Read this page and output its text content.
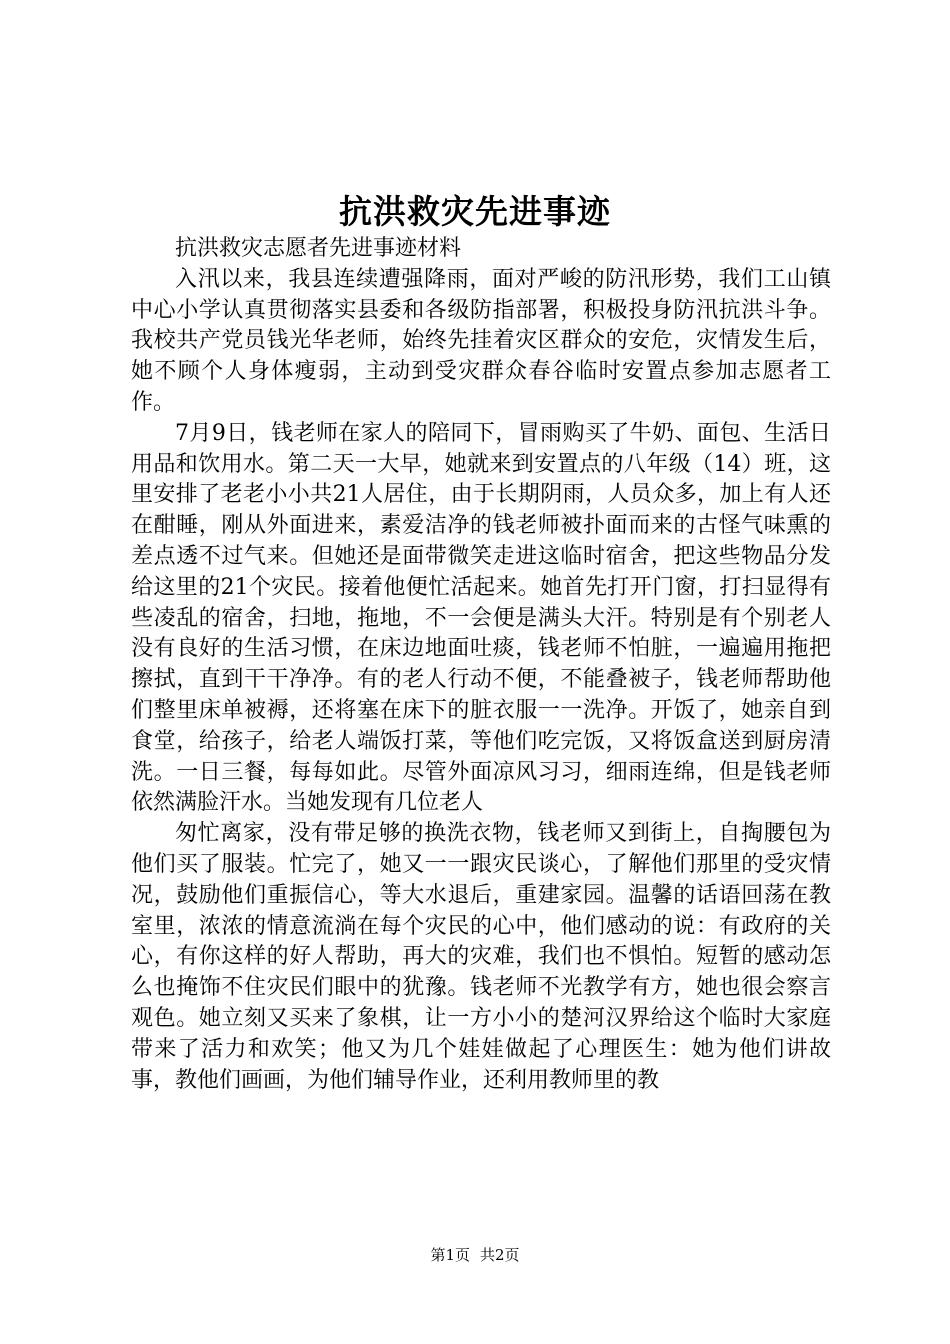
抗洪救灾先进事迹

抗洪救灾志愿者先进事迹材料

入汛以来，我县连续遭强降雨，面对严峻的防汛形势，我们工山镇中心小学认真贯彻落实县委和各级防指部署，积极投身防汛抗洪斗争。我校共产党员钱光华老师，始终先挂着灾区群众的安危，灾情发生后，她不顾个人身体瘦弱，主动到受灾群众春谷临时安置点参加志愿者工作。

7月9日，钱老师在家人的陪同下，冒雨购买了牛奶、面包、生活日用品和饮用水。第二天一大早，她就来到安置点的八年级（14）班，这里安排了老老小小共21人居住，由于长期阴雨，人员众多，加上有人还在酣睡，刚从外面进来，素爱洁净的钱老师被扑面而来的古怪气味熏的差点透不过气来。但她还是面带微笑走进这临时宿舍，把这些物品分发给这里的21个灾民。接着他便忙活起来。她首先打开门窗，打扫显得有些凌乱的宿舍，扫地，拖地，不一会便是满头大汗。特别是有个别老人没有良好的生活习惯，在床边地面吐痰，钱老师不怕脏，一遍遍用拖把擦拭，直到干干净净。有的老人行动不便，不能叠被子，钱老师帮助他们整里床单被褥，还将塞在床下的脏衣服一一洗净。开饭了，她亲自到食堂，给孩子，给老人端饭打菜，等他们吃完饭，又将饭盒送到厨房清洗。一日三餐，每每如此。尽管外面凉风习习，细雨连绵，但是钱老师依然满脸汗水。当她发现有几位老人

匆忙离家，没有带足够的换洗衣物，钱老师又到街上，自掏腰包为他们买了服装。忙完了，她又一一跟灾民谈心，了解他们那里的受灾情况，鼓励他们重振信心，等大水退后，重建家园。温馨的话语回荡在教室里，浓浓的情意流淌在每个灾民的心中，他们感动的说：有政府的关心，有你这样的好人帮助，再大的灾难，我们也不惧怕。短暂的感动怎么也掩饰不住灾民们眼中的犹豫。钱老师不光教学有方，她也很会察言观色。她立刻又买来了象棋，让一方小小的楚河汉界给这个临时大家庭带来了活力和欢笑；他又为几个娃娃做起了心理医生：她为他们讲故事，教他们画画，为他们辅导作业，还利用教师里的教

第1页 共2页
